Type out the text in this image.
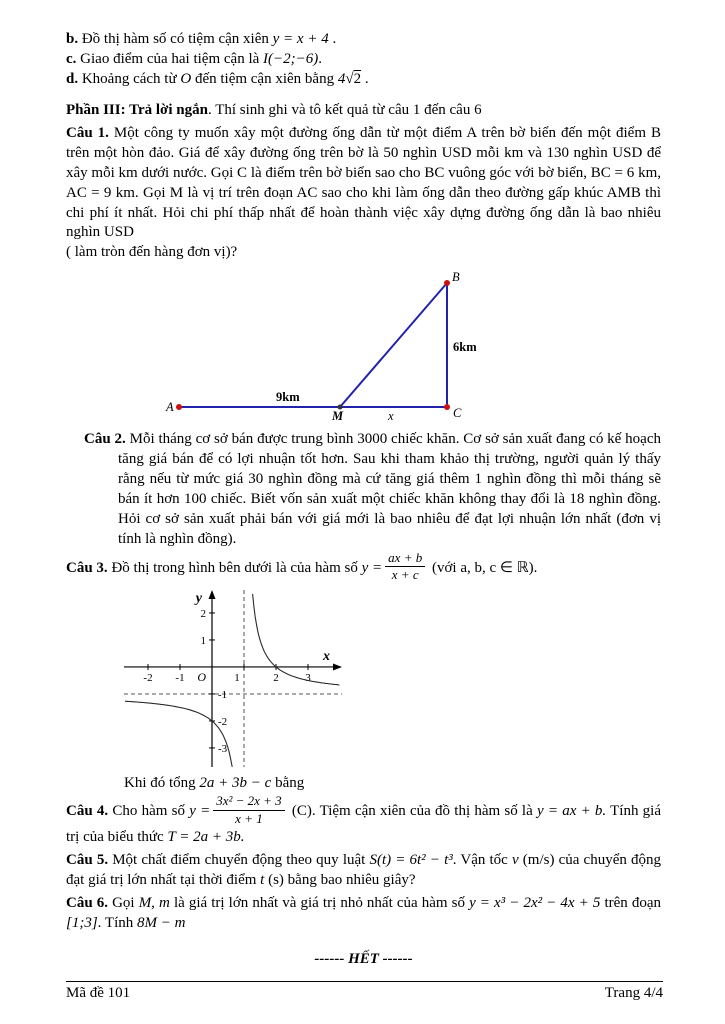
b. Đồ thị hàm số có tiệm cận xiên y = x + 4 .

c. Giao điểm của hai tiệm cận là I(−2;−6).

d. Khoảng cách từ O đến tiệm cận xiên bằng 4√2 .

Phần III: Trả lời ngắn. Thí sinh ghi và tô kết quả từ câu 1 đến câu 6

Câu 1. Một công ty muốn xây một đường ống dẫn từ một điểm A trên bờ biển đến một điểm B trên một hòn đảo. Giá để xây đường ống trên bờ là 50 nghìn USD mỗi km và 130 nghìn USD để xây mỗi km dưới nước. Gọi C là điểm trên bờ biển sao cho BC vuông góc với bờ biển, BC = 6 km, AC = 9 km. Gọi M là vị trí trên đoạn AC sao cho khi làm ống dẫn theo đường gấp khúc AMB thì chi phí ít nhất. Hỏi chi phí thấp nhất để hoàn thành việc xây dựng đường ống dẫn là bao nhiêu nghìn USD

( làm tròn đến hàng đơn vị)?

A
B
C
M
9km
6km
x

Câu 2. Mỗi tháng cơ sở bán được trung bình 3000 chiếc khăn. Cơ sở sản xuất đang có kế hoạch tăng giá bán để có lợi nhuận tốt hơn. Sau khi tham khảo thị trường, người quản lý thấy rằng nếu từ mức giá 30 nghìn đồng mà cứ tăng giá thêm 1 nghìn đồng thì mỗi tháng sẽ bán ít hơn 100 chiếc. Biết vốn sản xuất một chiếc khăn không thay đổi là 18 nghìn đồng. Hỏi cơ sở sản xuất phải bán với giá mới là bao nhiêu để đạt lợi nhuận lớn nhất (đơn vị tính là nghìn đồng).

Câu 3. Đồ thị trong hình bên dưới là của hàm số $y = \frac{ax + b}{x + c}$ (với a, b, c ∈ ℝ).

-2 -1	1	2 3
2
1
-1
-2
-3
O
x
y

Khi đó tổng 2a + 3b − c bằng

Câu 4. Cho hàm số $y = \frac{\text{3x² − 2x + 3}}{x + 1} (C)$. Tiệm cận xiên của đồ thị hàm số là y = ax + b. Tính giá trị của biểu thức T = 2a + 3b.

Câu 5. Một chất điểm chuyển động theo quy luật S(t) = 6t² − t³. Vận tốc v (m/s) của chuyển động đạt giá trị lớn nhất tại thời điểm t (s) bằng bao nhiêu giây?

Câu 6. Gọi M, m là giá trị lớn nhất và giá trị nhỏ nhất của hàm số y = x³ − 2x² − 4x + 5 trên đoạn [1;3]. Tính 8M − m

------ HẾT ------

Mã đề 101	Trang 4/4
